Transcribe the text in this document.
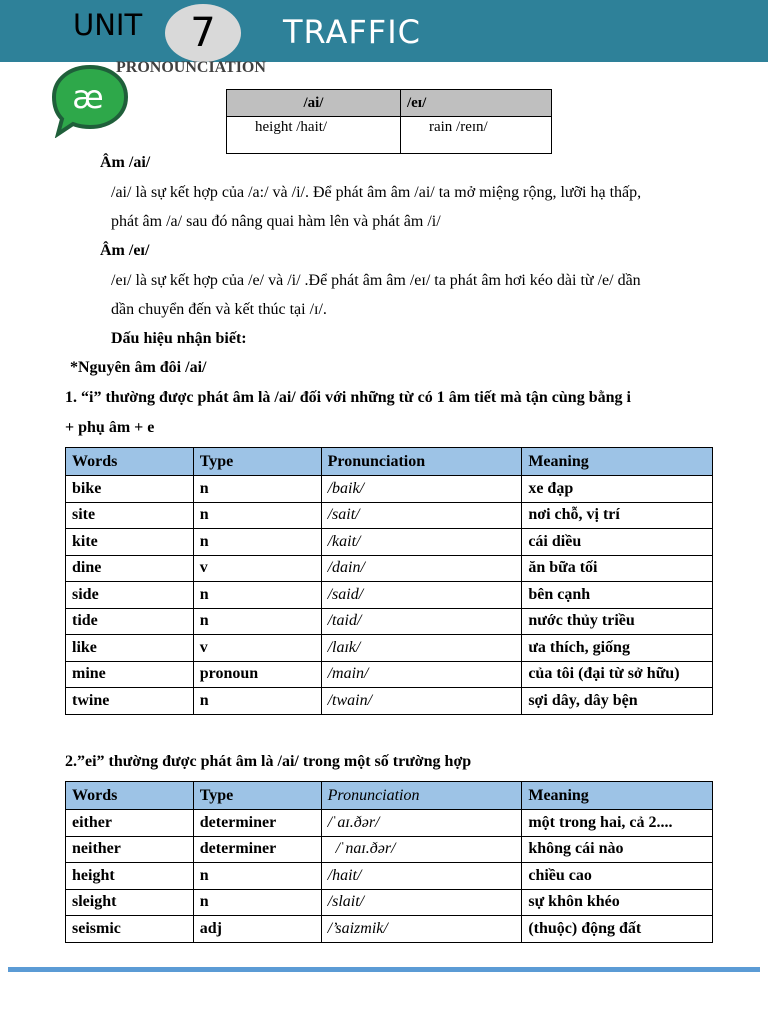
UNIT 7 TRAFFIC
æ
PRONOUNCIATION
/ai/	/eɪ/
height /hait/	rain /reɪn/
Âm /ai/
/ai/ là sự kết hợp của /a:/ và /i/. Để phát âm âm /ai/ ta mở miệng rộng, lưỡi hạ thấp,
phát âm /a/ sau đó nâng quai hàm lên và phát âm /i/
Âm /eɪ/
/eɪ/ là sự kết hợp của /e/ và /i/ .Để phát âm âm /eɪ/ ta phát âm hơi kéo dài từ /e/ dần
dần chuyển đến và kết thúc tại /ɪ/.
Dấu hiệu nhận biết:
*Nguyên âm đôi /ai/
1. “i” thường được phát âm là /ai/ đối với những từ có 1 âm tiết mà tận cùng bằng i
+ phụ âm + e
Words	Type	Pronunciation	Meaning
bike	n	/baik/	xe đạp
site	n	/sait/	nơi chỗ, vị trí
kite	n	/kait/	cái diều
dine	v	/dain/	ăn bữa tối
side	n	/said/	bên cạnh
tide	n	/taid/	nước thủy triều
like	v	/laɪk/	ưa thích, giống
mine	pronoun	/main/	của tôi (đại từ sở hữu)
twine	n	/twain/	sợi dây, dây bện
2.”ei” thường được phát âm là /ai/ trong một số trường hợp
Words	Type	Pronunciation	Meaning
either	determiner	/ˈaɪ.ðər/	một trong hai, cả 2....
neither	determiner	/ˈnaɪ.ðər/	không cái nào
height	n	/hait/	chiều cao
sleight	n	/slait/	sự khôn khéo
seismic	adj	/’saizmik/	(thuộc) động đất
